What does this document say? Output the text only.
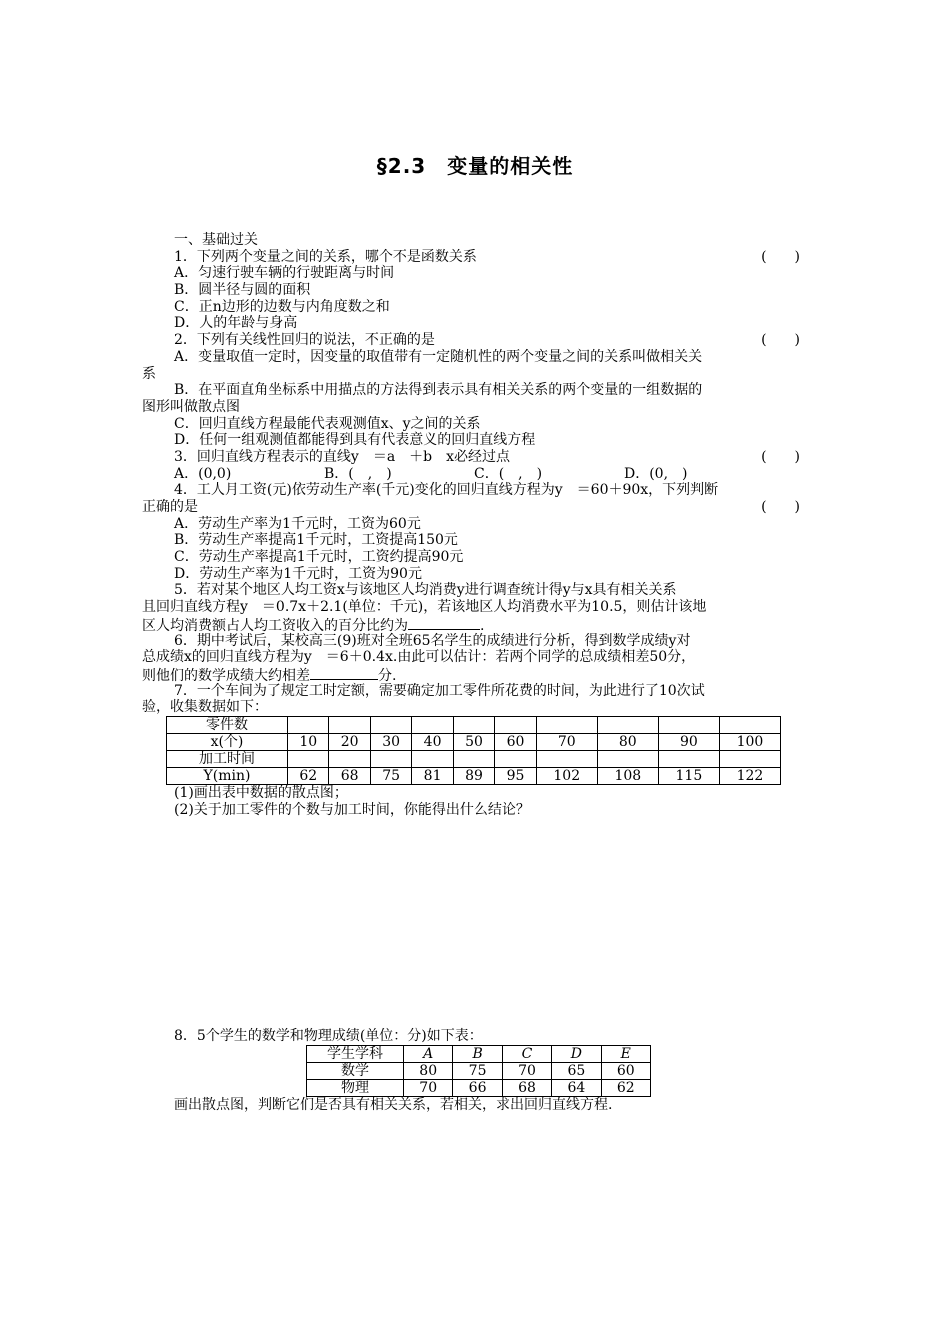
§2.3　变量的相关性
一、基础过关
1．下列两个变量之间的关系，哪个不是函数关系	(　　)
A．匀速行驶车辆的行驶距离与时间
B．圆半径与圆的面积
C．正n边形的边数与内角度数之和
D．人的年龄与身高
2．下列有关线性回归的说法，不正确的是	(　　)
A．变量取值一定时，因变量的取值带有一定随机性的两个变量之间的关系叫做相关关
系
B．在平面直角坐标系中用描点的方法得到表示具有相关关系的两个变量的一组数据的
图形叫做散点图
C．回归直线方程最能代表观测值x、y之间的关系
D．任何一组观测值都能得到具有代表意义的回归直线方程
3．回归直线方程表示的直线y　＝a　＋b　x必经过点	(　　)
A．(0,0)	B．(　,　)	C．(　,　)	D．(0,　)
4．工人月工资(元)依劳动生产率(千元)变化的回归直线方程为y　＝60＋90x，下列判断
正确的是	(　　)
A．劳动生产率为1千元时，工资为60元
B．劳动生产率提高1千元时，工资提高150元
C．劳动生产率提高1千元时，工资约提高90元
D．劳动生产率为1千元时，工资为90元
5．若对某个地区人均工资x与该地区人均消费y进行调查统计得y与x具有相关关系
且回归直线方程y　＝0.7x＋2.1(单位：千元)，若该地区人均消费水平为10.5，则估计该地
区人均消费额占人均工资收入的百分比约为	.
6．期中考试后，某校高三(9)班对全班65名学生的成绩进行分析，得到数学成绩y对
总成绩x的回归直线方程为y　＝6＋0.4x.由此可以估计：若两个同学的总成绩相差50分，
则他们的数学成绩大约相差	分.
7．一个车间为了规定工时定额，需要确定加工零件所花费的时间，为此进行了10次试
验，收集数据如下：
零件数										
x(个)	10	20	30	40	50	60	70	80	90	100
加工时间										
Y(min)	62	68	75	81	89	95	102	108	115	122
(1)画出表中数据的散点图；
(2)关于加工零件的个数与加工时间，你能得出什么结论？
8．5个学生的数学和物理成绩(单位：分)如下表：
学生学科	A	B	C	D	E
数学	80	75	70	65	60
物理	70	66	68	64	62
画出散点图，判断它们是否具有相关关系，若相关，求出回归直线方程.
